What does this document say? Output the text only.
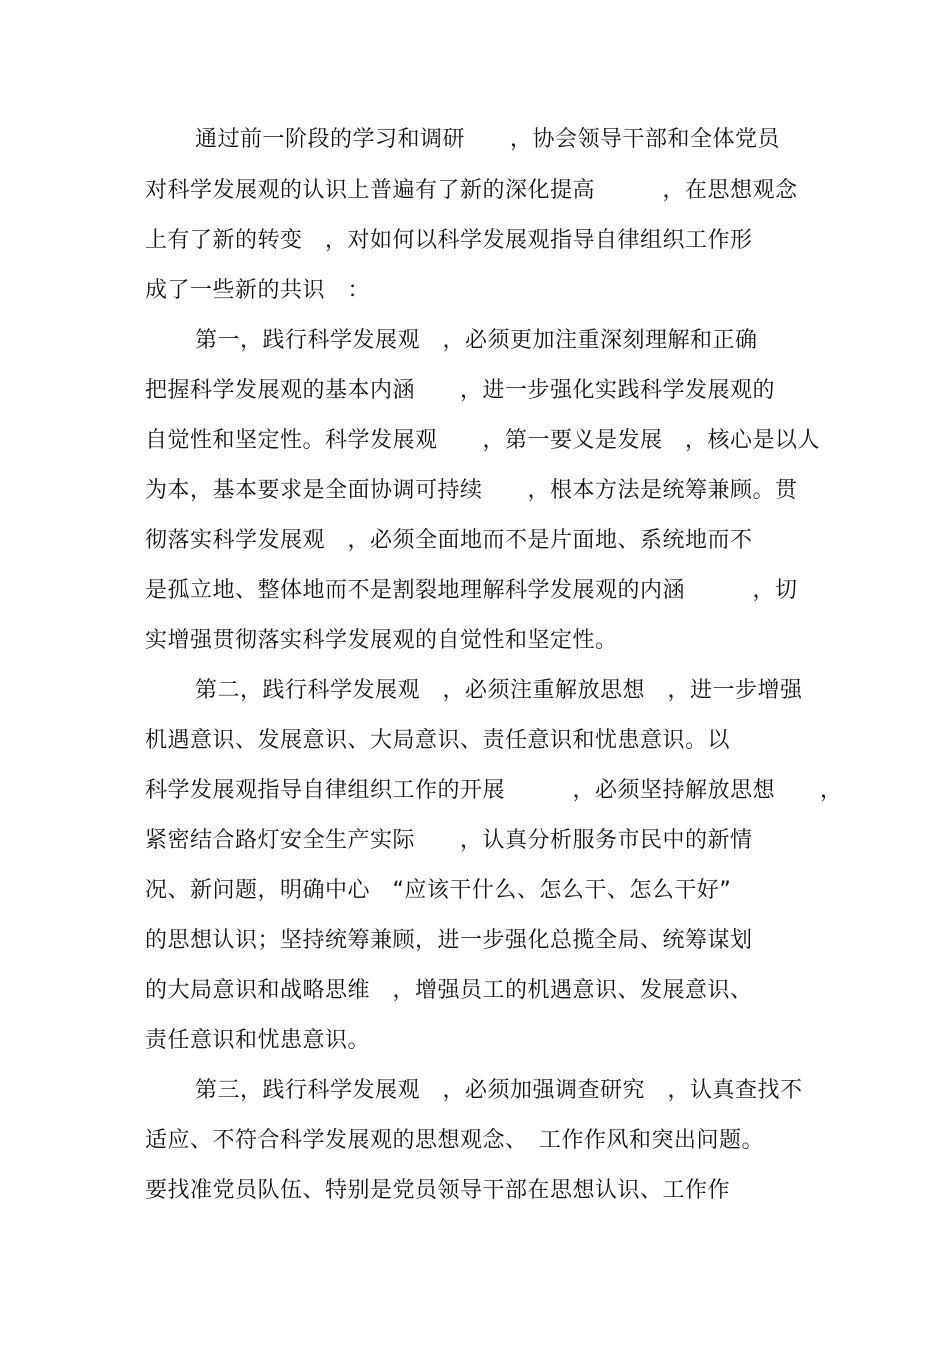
通过前一阶段的学习和调研　　，协会领导干部和全体党员
对科学发展观的认识上普遍有了新的深化提高　　　，在思想观念
上有了新的转变　，对如何以科学发展观指导自律组织工作形
成了一些新的共识　：
第一，践行科学发展观　，必须更加注重深刻理解和正确
把握科学发展观的基本内涵　　，进一步强化实践科学发展观的
自觉性和坚定性。科学发展观　　，第一要义是发展　，核心是以人
为本，基本要求是全面协调可持续　　，根本方法是统筹兼顾。贯
彻落实科学发展观　，必须全面地而不是片面地、系统地而不
是孤立地、整体地而不是割裂地理解科学发展观的内涵　　　，切
实增强贯彻落实科学发展观的自觉性和坚定性。
第二，践行科学发展观　，必须注重解放思想　，进一步增强
机遇意识、发展意识、大局意识、责任意识和忧患意识。以
科学发展观指导自律组织工作的开展　　　，必须坚持解放思想　　，
紧密结合路灯安全生产实际　　，认真分析服务市民中的新情
况、新问题，明确中心　“应该干什么、怎么干、怎么干好”
的思想认识；坚持统筹兼顾，进一步强化总揽全局、统筹谋划
的大局意识和战略思维　，增强员工的机遇意识、发展意识、
责任意识和忧患意识。
第三，践行科学发展观　，必须加强调查研究　，认真查找不
适应、不符合科学发展观的思想观念、　工作作风和突出问题。
要找准党员队伍、特别是党员领导干部在思想认识、工作作
